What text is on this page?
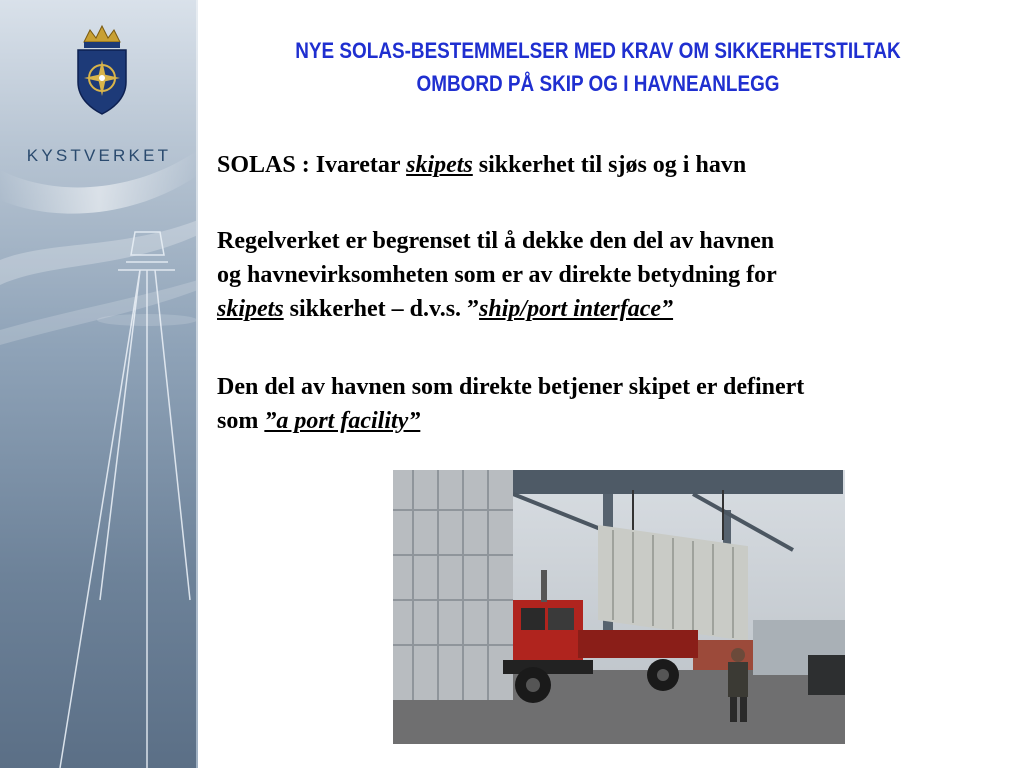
KYSTVERKET
NYE SOLAS-BESTEMMELSER MED KRAV OM SIKKERHETSTILTAK
OMBORD PÅ SKIP OG I HAVNEANLEGG

SOLAS : Ivaretar skipets sikkerhet til sjøs og i havn

Regelverket er begrenset til å dekke den del av havnen

og havnevirksomheten som er av direkte betydning for

skipets sikkerhet – d.v.s. ”ship/port interface”

Den del av havnen som direkte betjener skipet er definert

som ”a port facility”
